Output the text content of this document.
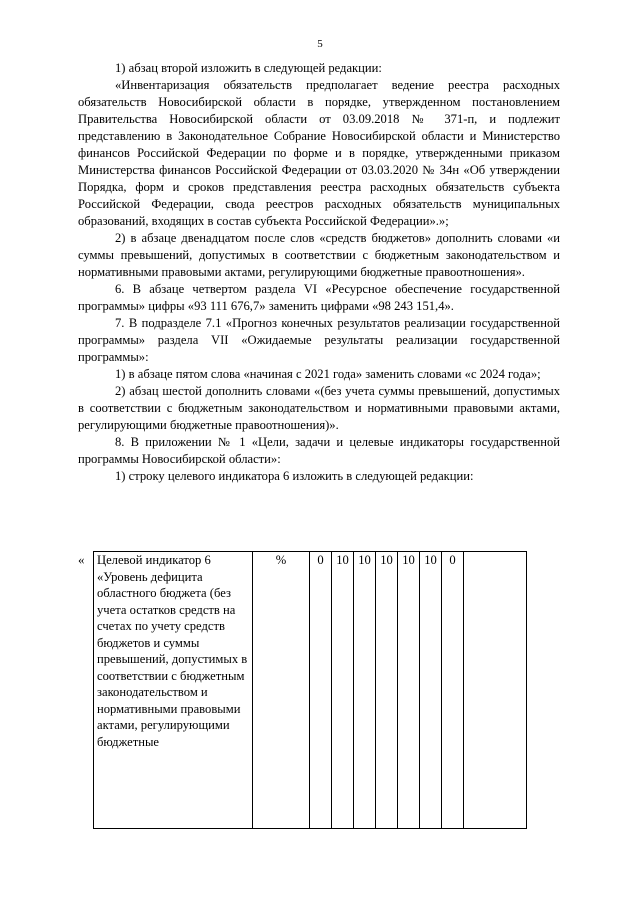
5

1) абзац второй изложить в следующей редакции:

«Инвентаризация обязательств предполагает ведение реестра расходных обязательств Новосибирской области в порядке, утвержденном постановлением Правительства Новосибирской области от 03.09.2018 № 371-п, и подлежит представлению в Законодательное Собрание Новосибирской области и Министерство финансов Российской Федерации по форме и в порядке, утвержденными приказом Министерства финансов Российской Федерации от 03.03.2020 № 34н «Об утверждении Порядка, форм и сроков представления реестра расходных обязательств субъекта Российской Федерации, свода реестров расходных обязательств муниципальных образований, входящих в состав субъекта Российской Федерации».»;

2) в абзаце двенадцатом после слов «средств бюджетов» дополнить словами «и суммы превышений, допустимых в соответствии с бюджетным законодательством и нормативными правовыми актами, регулирующими бюджетные правоотношения».

6. В абзаце четвертом раздела VI «Ресурсное обеспечение государственной программы» цифры «93 111 676,7» заменить цифрами «98 243 151,4».

7. В подразделе 7.1 «Прогноз конечных результатов реализации государственной программы» раздела VII «Ожидаемые результаты реализации государственной программы»:

1) в абзаце пятом слова «начиная с 2021 года» заменить словами «с 2024 года»;

2) абзац шестой дополнить словами «(без учета суммы превышений, допустимых в соответствии с бюджетным законодательством и нормативными правовыми актами, регулирующими бюджетные правоотношения)».

8. В приложении № 1 «Цели, задачи и целевые индикаторы государственной программы Новосибирской области»:

1) строку целевого индикатора 6 изложить в следующей редакции:

« Целевой индикатор 6 «Уровень дефицита областного бюджета (без учета остатков средств на счетах по учету средств бюджетов и суммы превышений, допустимых в соответствии с бюджетным законодательством и нормативными правовыми актами, регулирующими бюджетные	%	0	10	10	10	10	10	0	
